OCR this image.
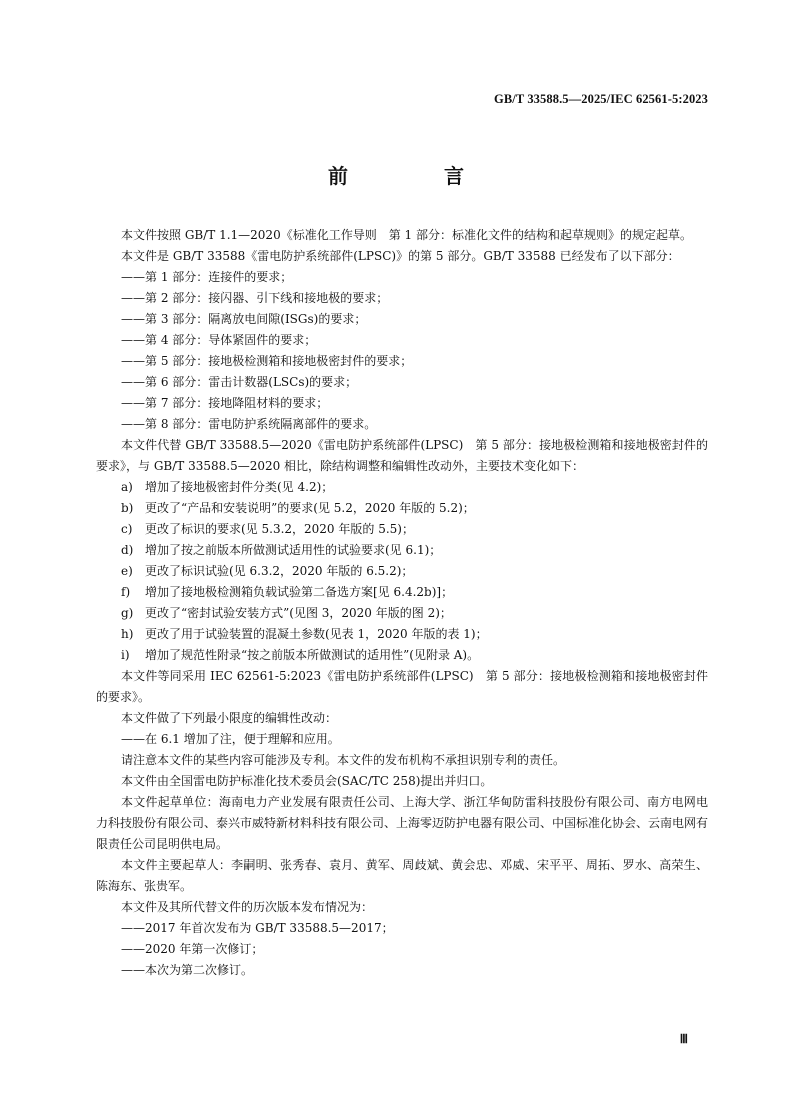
GB/T 33588.5—2025/IEC 62561-5:2023
前　言

本文件按照 GB/T 1.1—2020《标准化工作导则　第 1 部分：标准化文件的结构和起草规则》的规定起草。

本文件是 GB/T 33588《雷电防护系统部件(LPSC)》的第 5 部分。GB/T 33588 已经发布了以下部分：

——第 1 部分：连接件的要求；

——第 2 部分：接闪器、引下线和接地极的要求；

——第 3 部分：隔离放电间隙(ISGs)的要求；

——第 4 部分：导体紧固件的要求；

——第 5 部分：接地极检测箱和接地极密封件的要求；

——第 6 部分：雷击计数器(LSCs)的要求；

——第 7 部分：接地降阻材料的要求；

——第 8 部分：雷电防护系统隔离部件的要求。

本文件代替 GB/T 33588.5—2020《雷电防护系统部件(LPSC)　第 5 部分：接地极检测箱和接地极密封件的要求》，与 GB/T 33588.5—2020 相比，除结构调整和编辑性改动外，主要技术变化如下：

a) 增加了接地极密封件分类(见 4.2)；

b) 更改了“产品和安装说明”的要求(见 5.2，2020 年版的 5.2)；

c) 更改了标识的要求(见 5.3.2，2020 年版的 5.5)；

d) 增加了按之前版本所做测试适用性的试验要求(见 6.1)；

e) 更改了标识试验(见 6.3.2，2020 年版的 6.5.2)；

f) 增加了接地极检测箱负载试验第二备选方案[见 6.4.2b)]；

g) 更改了“密封试验安装方式”(见图 3，2020 年版的图 2)；

h) 更改了用于试验装置的混凝土参数(见表 1，2020 年版的表 1)；

i) 增加了规范性附录“按之前版本所做测试的适用性”(见附录 A)。

本文件等同采用 IEC 62561-5:2023《雷电防护系统部件(LPSC)　第 5 部分：接地极检测箱和接地极密封件的要求》。

本文件做了下列最小限度的编辑性改动：

——在 6.1 增加了注，便于理解和应用。

请注意本文件的某些内容可能涉及专利。本文件的发布机构不承担识别专利的责任。

本文件由全国雷电防护标准化技术委员会(SAC/TC 258)提出并归口。

本文件起草单位：海南电力产业发展有限责任公司、上海大学、浙江华甸防雷科技股份有限公司、南方电网电力科技股份有限公司、泰兴市威特新材料科技有限公司、上海零迈防护电器有限公司、中国标准化协会、云南电网有限责任公司昆明供电局。

本文件主要起草人：李嗣明、张秀春、袁月、黄军、周歧斌、黄会忠、邓威、宋平平、周拓、罗水、高荣生、陈海东、张贵军。

本文件及其所代替文件的历次版本发布情况为：

——2017 年首次发布为 GB/T 33588.5—2017；

——2020 年第一次修订；

——本次为第二次修订。

Ⅲ
